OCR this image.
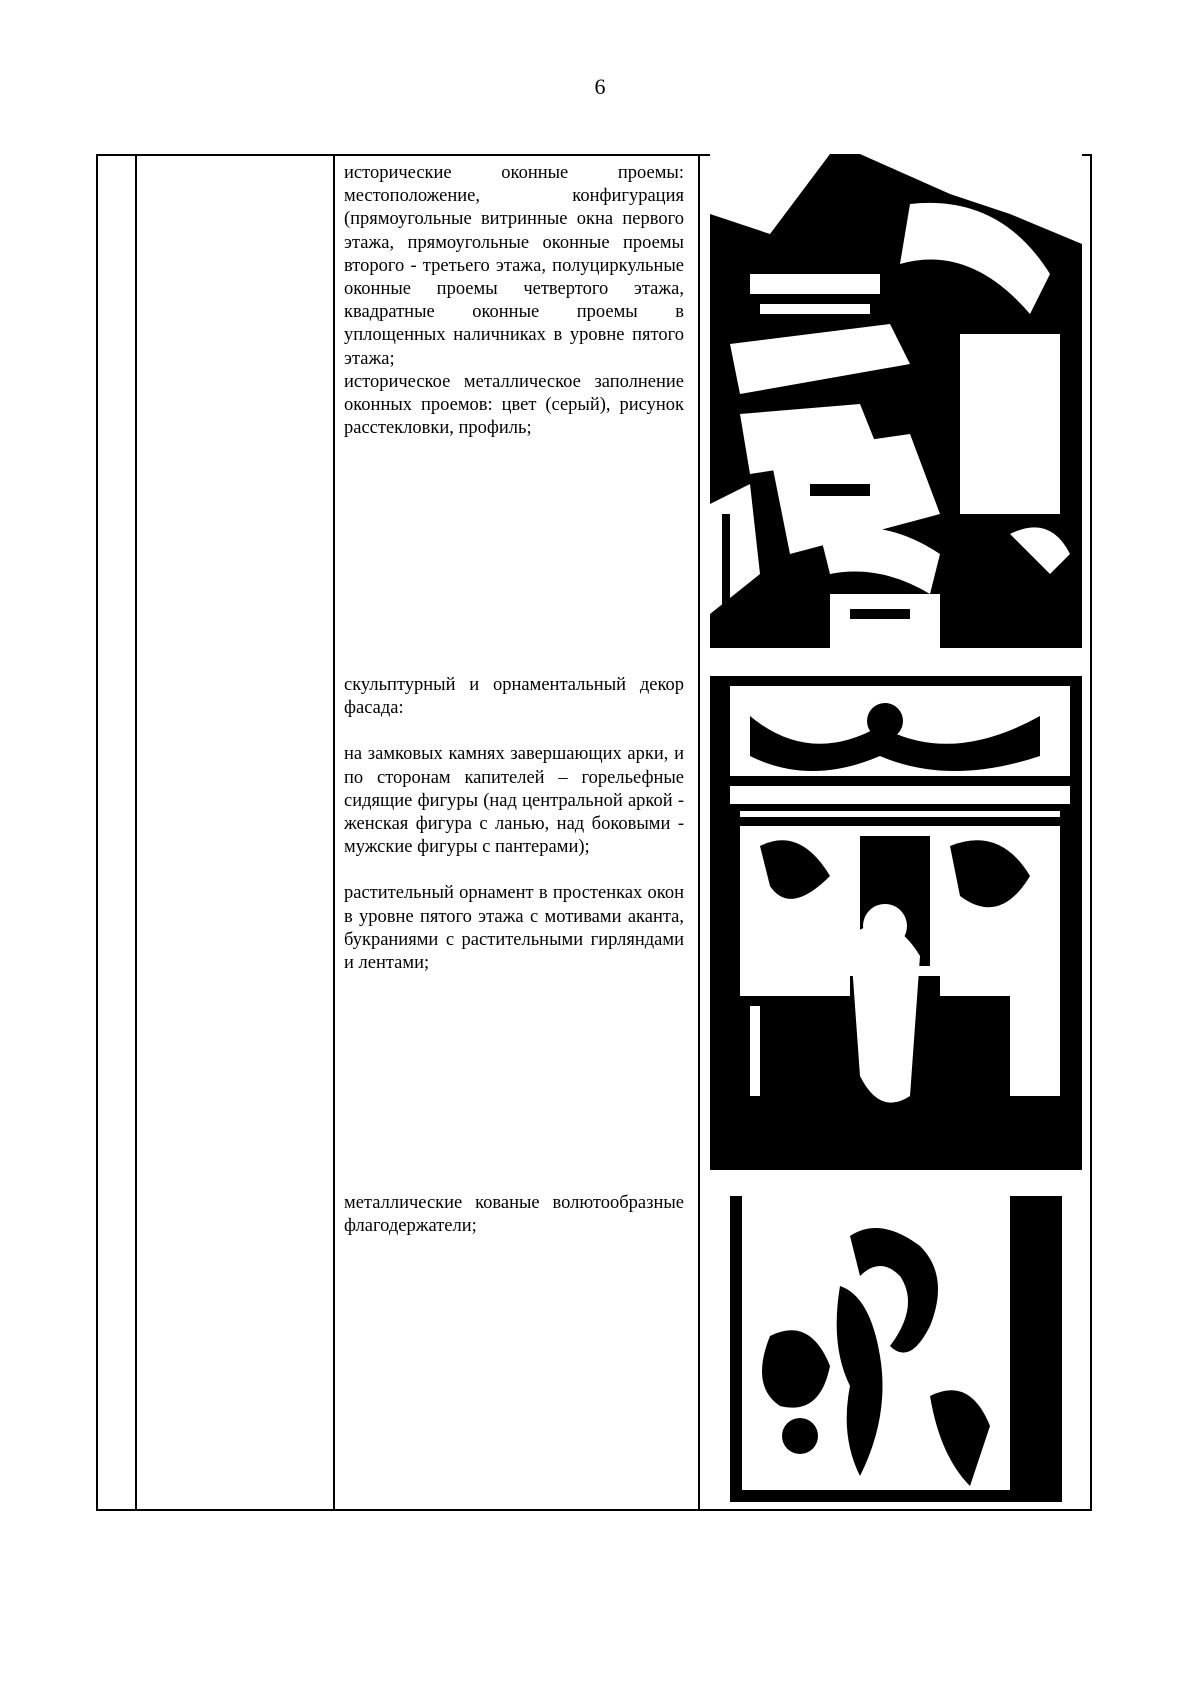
6

исторические оконные проемы: местоположение, конфигурация (прямоугольные витринные окна первого этажа, прямоугольные оконные проемы второго - третьего этажа, полуциркульные оконные проемы четвертого этажа, квадратные оконные проемы в уплощенных наличниках в уровне пятого этажа;

историческое металлическое заполнение оконных проемов: цвет (серый), рисунок расстекловки, профиль;

скульптурный и орнаментальный декор фасада:

на замковых камнях завершающих арки, и по сторонам капителей – горельефные сидящие фигуры (над центральной аркой - женская фигура с ланью, над боковыми - мужские фигуры с пантерами);

растительный орнамент в простенках окон в уровне пятого этажа с мотивами аканта, букраниями с растительными гирляндами и лентами;

металлические кованые волютообразные флагодержатели;
